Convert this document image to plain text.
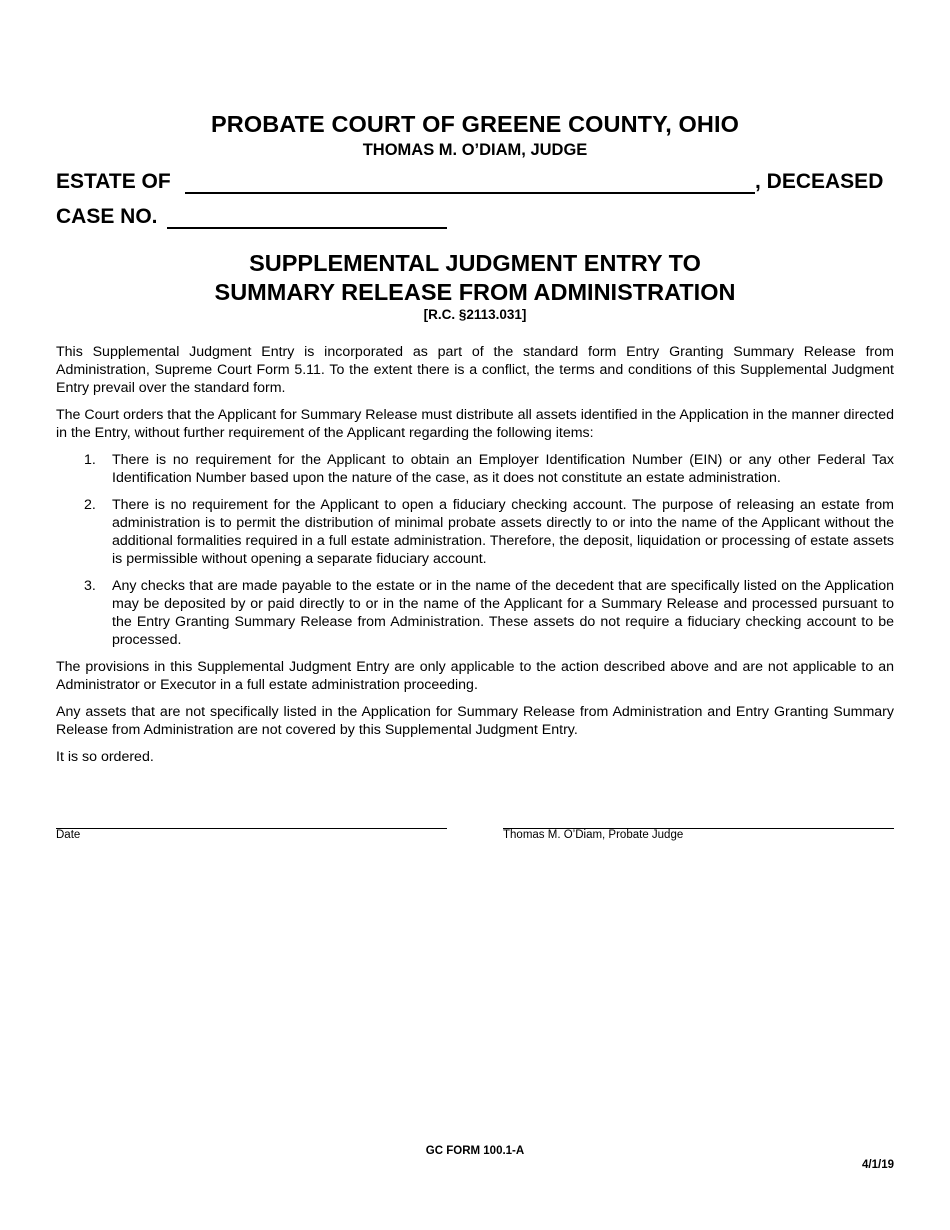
PROBATE COURT OF GREENE COUNTY, OHIO
THOMAS M. O’DIAM, JUDGE
ESTATE OF	, DECEASED
CASE NO.
SUPPLEMENTAL JUDGMENT ENTRY TO
SUMMARY RELEASE FROM ADMINISTRATION
[R.C. §2113.031]

This Supplemental Judgment Entry is incorporated as part of the standard form Entry Granting Summary Release from Administration, Supreme Court Form 5.11. To the extent there is a conflict, the terms and conditions of this Supplemental Judgment Entry prevail over the standard form.

The Court orders that the Applicant for Summary Release must distribute all assets identified in the Application in the manner directed in the Entry, without further requirement of the Applicant regarding the following items:

1. There is no requirement for the Applicant to obtain an Employer Identification Number (EIN) or any other Federal Tax Identification Number based upon the nature of the case, as it does not constitute an estate administration.
2. There is no requirement for the Applicant to open a fiduciary checking account. The purpose of releasing an estate from administration is to permit the distribution of minimal probate assets directly to or into the name of the Applicant without the additional formalities required in a full estate administration. Therefore, the deposit, liquidation or processing of estate assets is permissible without opening a separate fiduciary account.
3. Any checks that are made payable to the estate or in the name of the decedent that are specifically listed on the Application may be deposited by or paid directly to or in the name of the Applicant for a Summary Release and processed pursuant to the Entry Granting Summary Release from Administration. These assets do not require a fiduciary checking account to be processed.

The provisions in this Supplemental Judgment Entry are only applicable to the action described above and are not applicable to an Administrator or Executor in a full estate administration proceeding.

Any assets that are not specifically listed in the Application for Summary Release from Administration and Entry Granting Summary Release from Administration are not covered by this Supplemental Judgment Entry.

It is so ordered.

Date	Thomas M. O’Diam, Probate Judge
GC FORM 100.1-A
4/1/19
